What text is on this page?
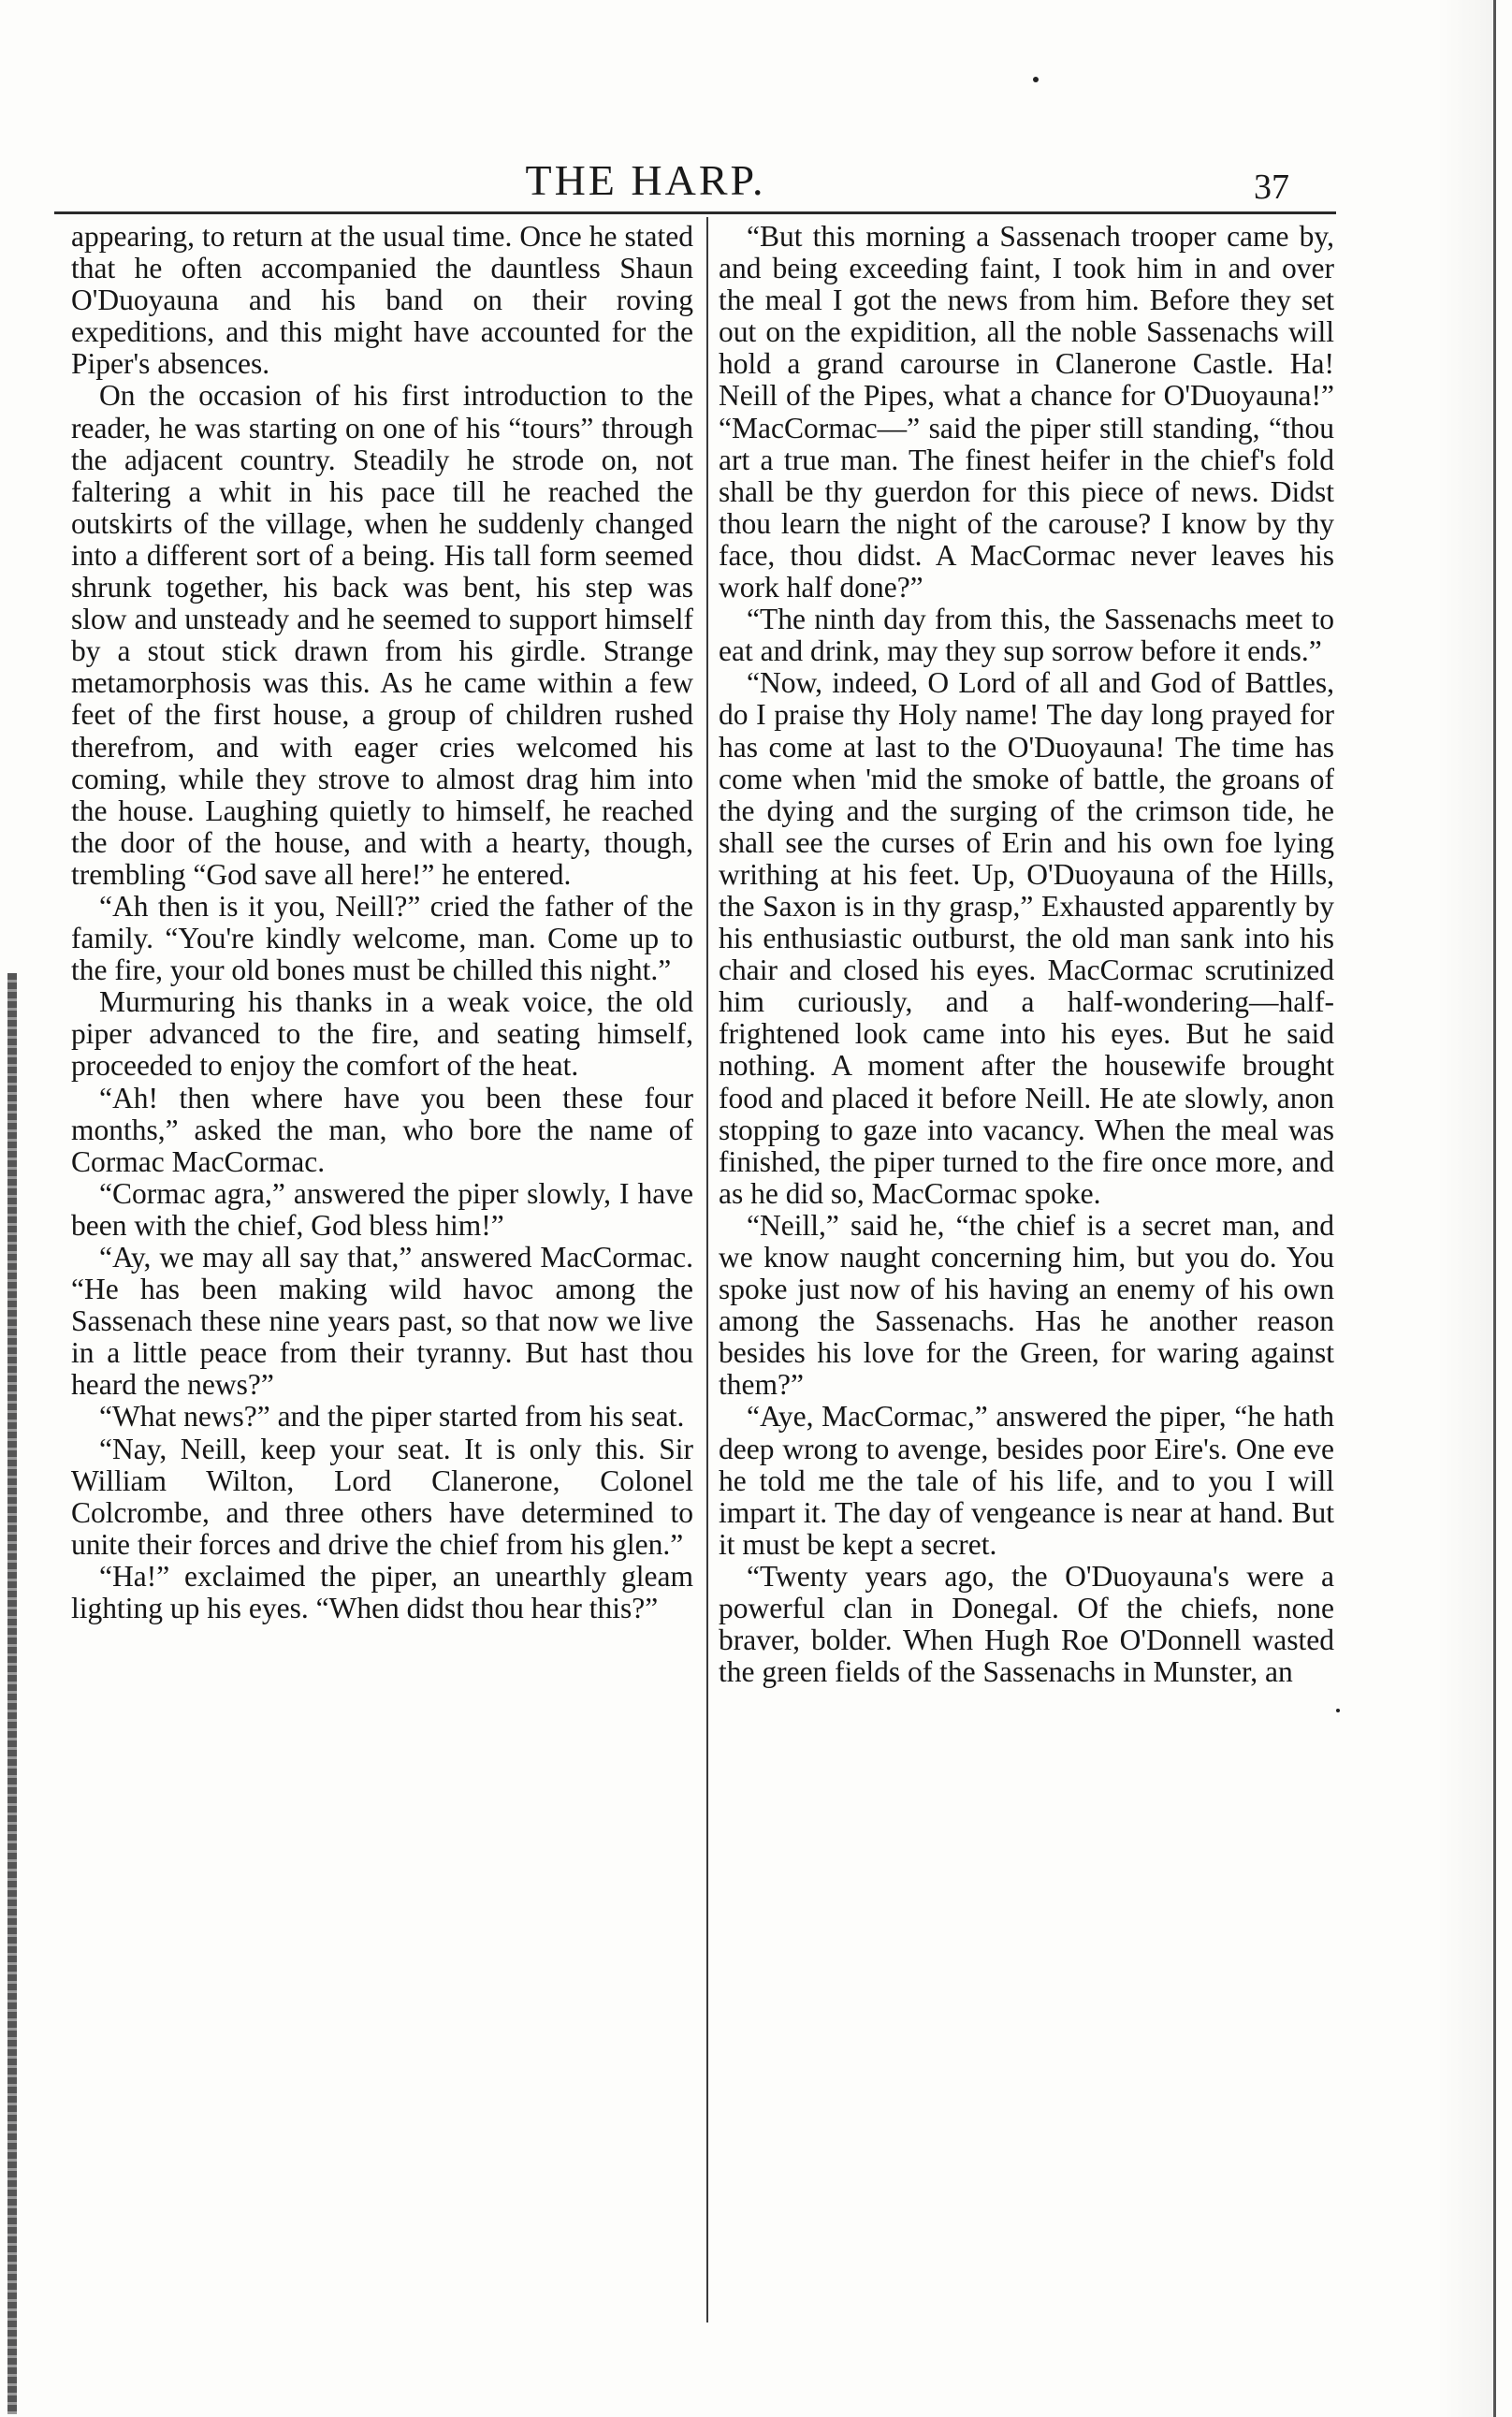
THE HARP.	37

appearing, to return at the usual time. Once he stated that he often accompanied the dauntless Shaun O'Duoyauna and his band on their roving expeditions, and this might have accounted for the Piper's absences.

On the occasion of his first introduction to the reader, he was starting on one of his “tours” through the adjacent country. Steadily he strode on, not faltering a whit in his pace till he reached the outskirts of the village, when he suddenly changed into a different sort of a being. His tall form seemed shrunk together, his back was bent, his step was slow and unsteady and he seemed to support himself by a stout stick drawn from his girdle. Strange metamorphosis was this. As he came within a few feet of the first house, a group of children rushed therefrom, and with eager cries welcomed his coming, while they strove to almost drag him into the house. Laughing quietly to himself, he reached the door of the house, and with a hearty, though, trembling “God save all here!” he entered.

“Ah then is it you, Neill?” cried the father of the family. “You're kindly welcome, man. Come up to the fire, your old bones must be chilled this night.”

Murmuring his thanks in a weak voice, the old piper advanced to the fire, and seating himself, proceeded to enjoy the comfort of the heat.

“Ah! then where have you been these four months,” asked the man, who bore the name of Cormac MacCormac.

“Cormac agra,” answered the piper slowly, I have been with the chief, God bless him!”

“Ay, we may all say that,” answered MacCormac. “He has been making wild havoc among the Sassenach these nine years past, so that now we live in a little peace from their tyranny. But hast thou heard the news?”

“What news?” and the piper started from his seat.

“Nay, Neill, keep your seat. It is only this. Sir William Wilton, Lord Clanerone, Colonel Colcrombe, and three others have determined to unite their forces and drive the chief from his glen.”

“Ha!” exclaimed the piper, an unearthly gleam lighting up his eyes. “When didst thou hear this?”

“But this morning a Sassenach trooper came by, and being exceeding faint, I took him in and over the meal I got the news from him. Before they set out on the expidition, all the noble Sassenachs will hold a grand carourse in Clanerone Castle. Ha! Neill of the Pipes, what a chance for O'Duoyauna!” “MacCormac—” said the piper still standing, “thou art a true man. The finest heifer in the chief's fold shall be thy guerdon for this piece of news. Didst thou learn the night of the carouse? I know by thy face, thou didst. A MacCormac never leaves his work half done?”

“The ninth day from this, the Sassenachs meet to eat and drink, may they sup sorrow before it ends.”

“Now, indeed, O Lord of all and God of Battles, do I praise thy Holy name! The day long prayed for has come at last to the O'Duoyauna! The time has come when 'mid the smoke of battle, the groans of the dying and the surging of the crimson tide, he shall see the curses of Erin and his own foe lying writhing at his feet. Up, O'Duoyauna of the Hills, the Saxon is in thy grasp,” Exhausted apparently by his enthusiastic outburst, the old man sank into his chair and closed his eyes. MacCormac scrutinized him curiously, and a half-wondering—half-frightened look came into his eyes. But he said nothing. A moment after the housewife brought food and placed it before Neill. He ate slowly, anon stopping to gaze into vacancy. When the meal was finished, the piper turned to the fire once more, and as he did so, MacCormac spoke.

“Neill,” said he, “the chief is a secret man, and we know naught concerning him, but you do. You spoke just now of his having an enemy of his own among the Sassenachs. Has he another reason besides his love for the Green, for waring against them?”

“Aye, MacCormac,” answered the piper, “he hath deep wrong to avenge, besides poor Eire's. One eve he told me the tale of his life, and to you I will impart it. The day of vengeance is near at hand. But it must be kept a secret.

“Twenty years ago, the O'Duoyauna's were a powerful clan in Donegal. Of the chiefs, none braver, bolder. When Hugh Roe O'Donnell wasted the green fields of the Sassenachs in Munster, an
